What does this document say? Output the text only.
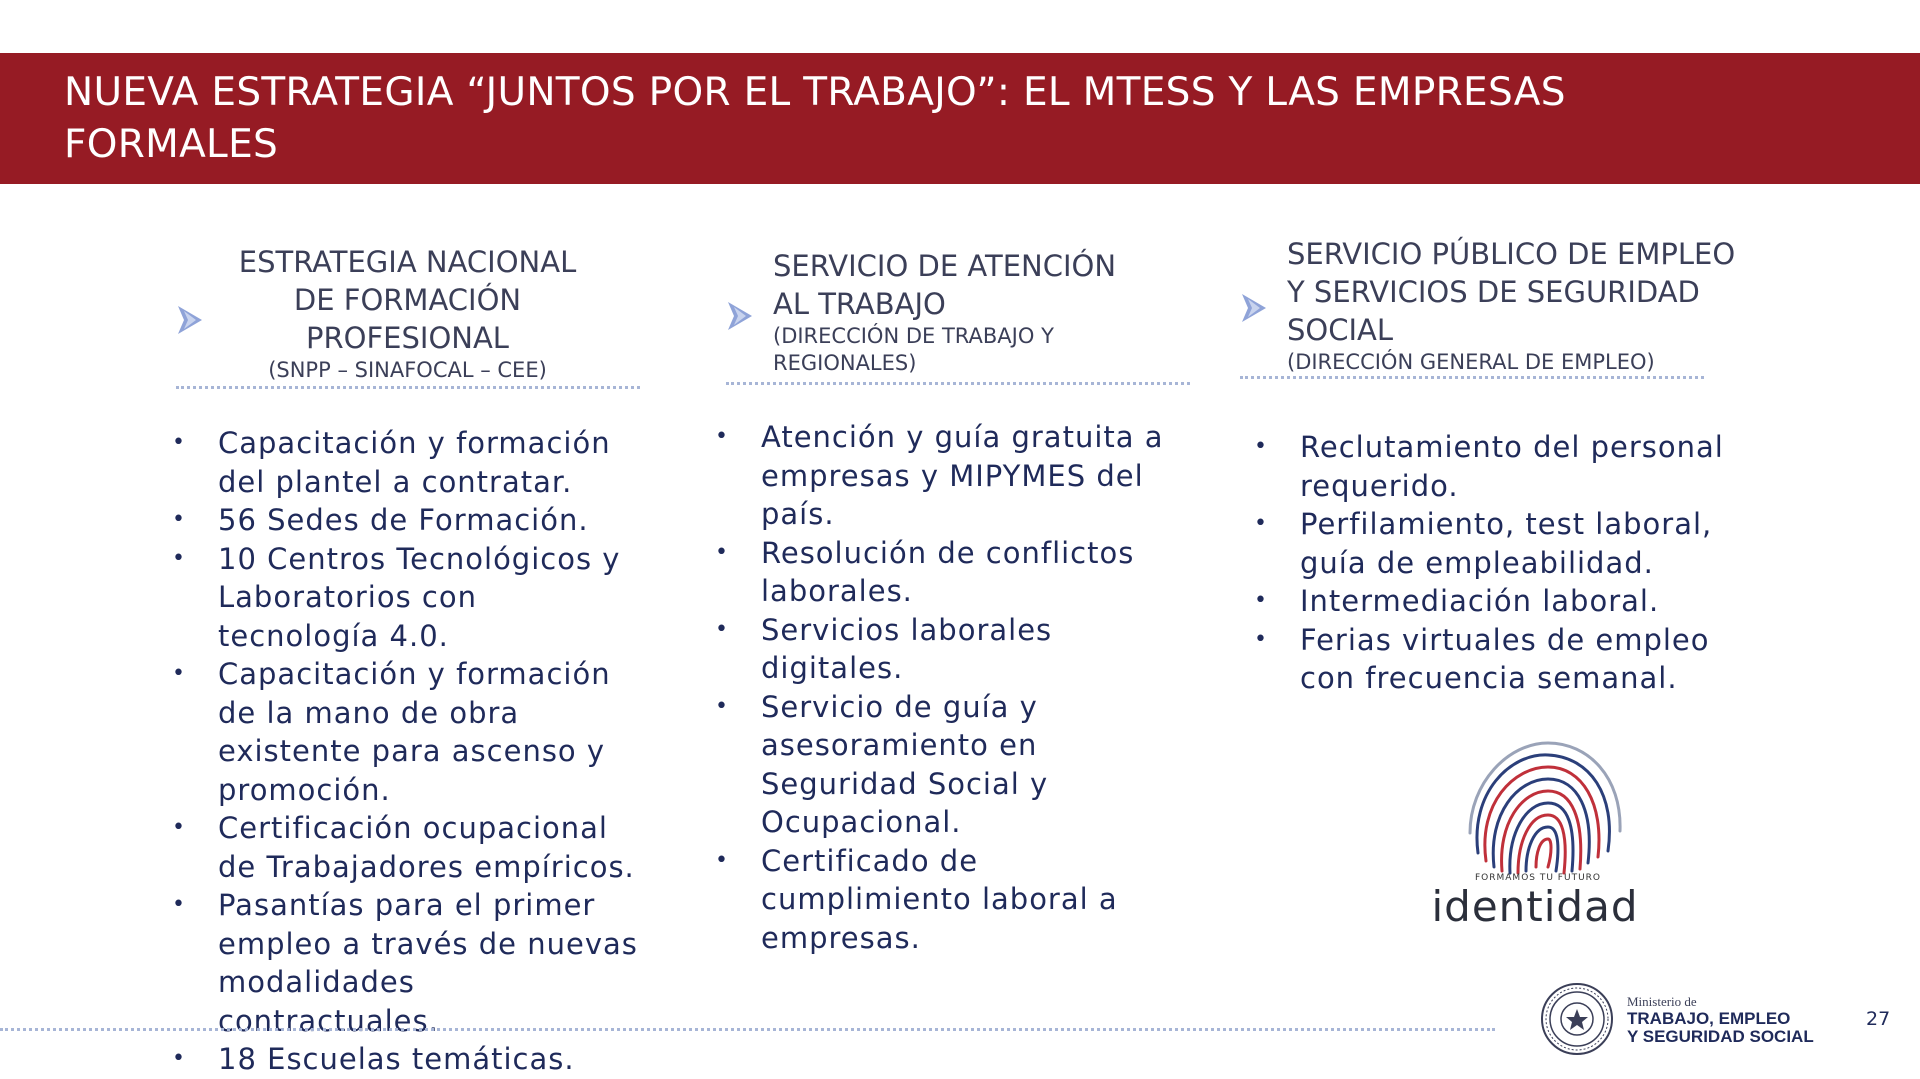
NUEVA ESTRATEGIA “JUNTOS POR EL TRABAJO”: EL MTESS Y LAS EMPRESAS
FORMALES
ESTRATEGIA NACIONAL
DE FORMACIÓN
PROFESIONAL
(SNPP – SINAFOCAL – CEE)
SERVICIO DE ATENCIÓN
AL TRABAJO
(DIRECCIÓN DE TRABAJO Y
REGIONALES)
SERVICIO PÚBLICO DE EMPLEO
Y SERVICIOS DE SEGURIDAD
SOCIAL
(DIRECCIÓN GENERAL DE EMPLEO)
• Capacitación y formación
del plantel a contratar.
• 56 Sedes de Formación.
• 10 Centros Tecnológicos y
Laboratorios con
tecnología 4.0.
• Capacitación y formación
de la mano de obra
existente para ascenso y
promoción.
• Certificación ocupacional
de Trabajadores empíricos.
• Pasantías para el primer
empleo a través de nuevas
modalidades
contractuales.
• 18 Escuelas temáticas.
• Atención y guía gratuita a
empresas y MIPYMES del
país.
• Resolución de conflictos
laborales.
• Servicios laborales
digitales.
• Servicio de guía y
asesoramiento en
Seguridad Social y
Ocupacional.
• Certificado de
cumplimiento laboral a
empresas.
• Reclutamiento del personal
requerido.
• Perfilamiento, test laboral,
guía de empleabilidad.
• Intermediación laboral.
• Ferias virtuales de empleo
con frecuencia semanal.
FORMAMOS TU FUTURO
identidad
Ministerio de
TRABAJO, EMPLEO
Y SEGURIDAD SOCIAL
27
